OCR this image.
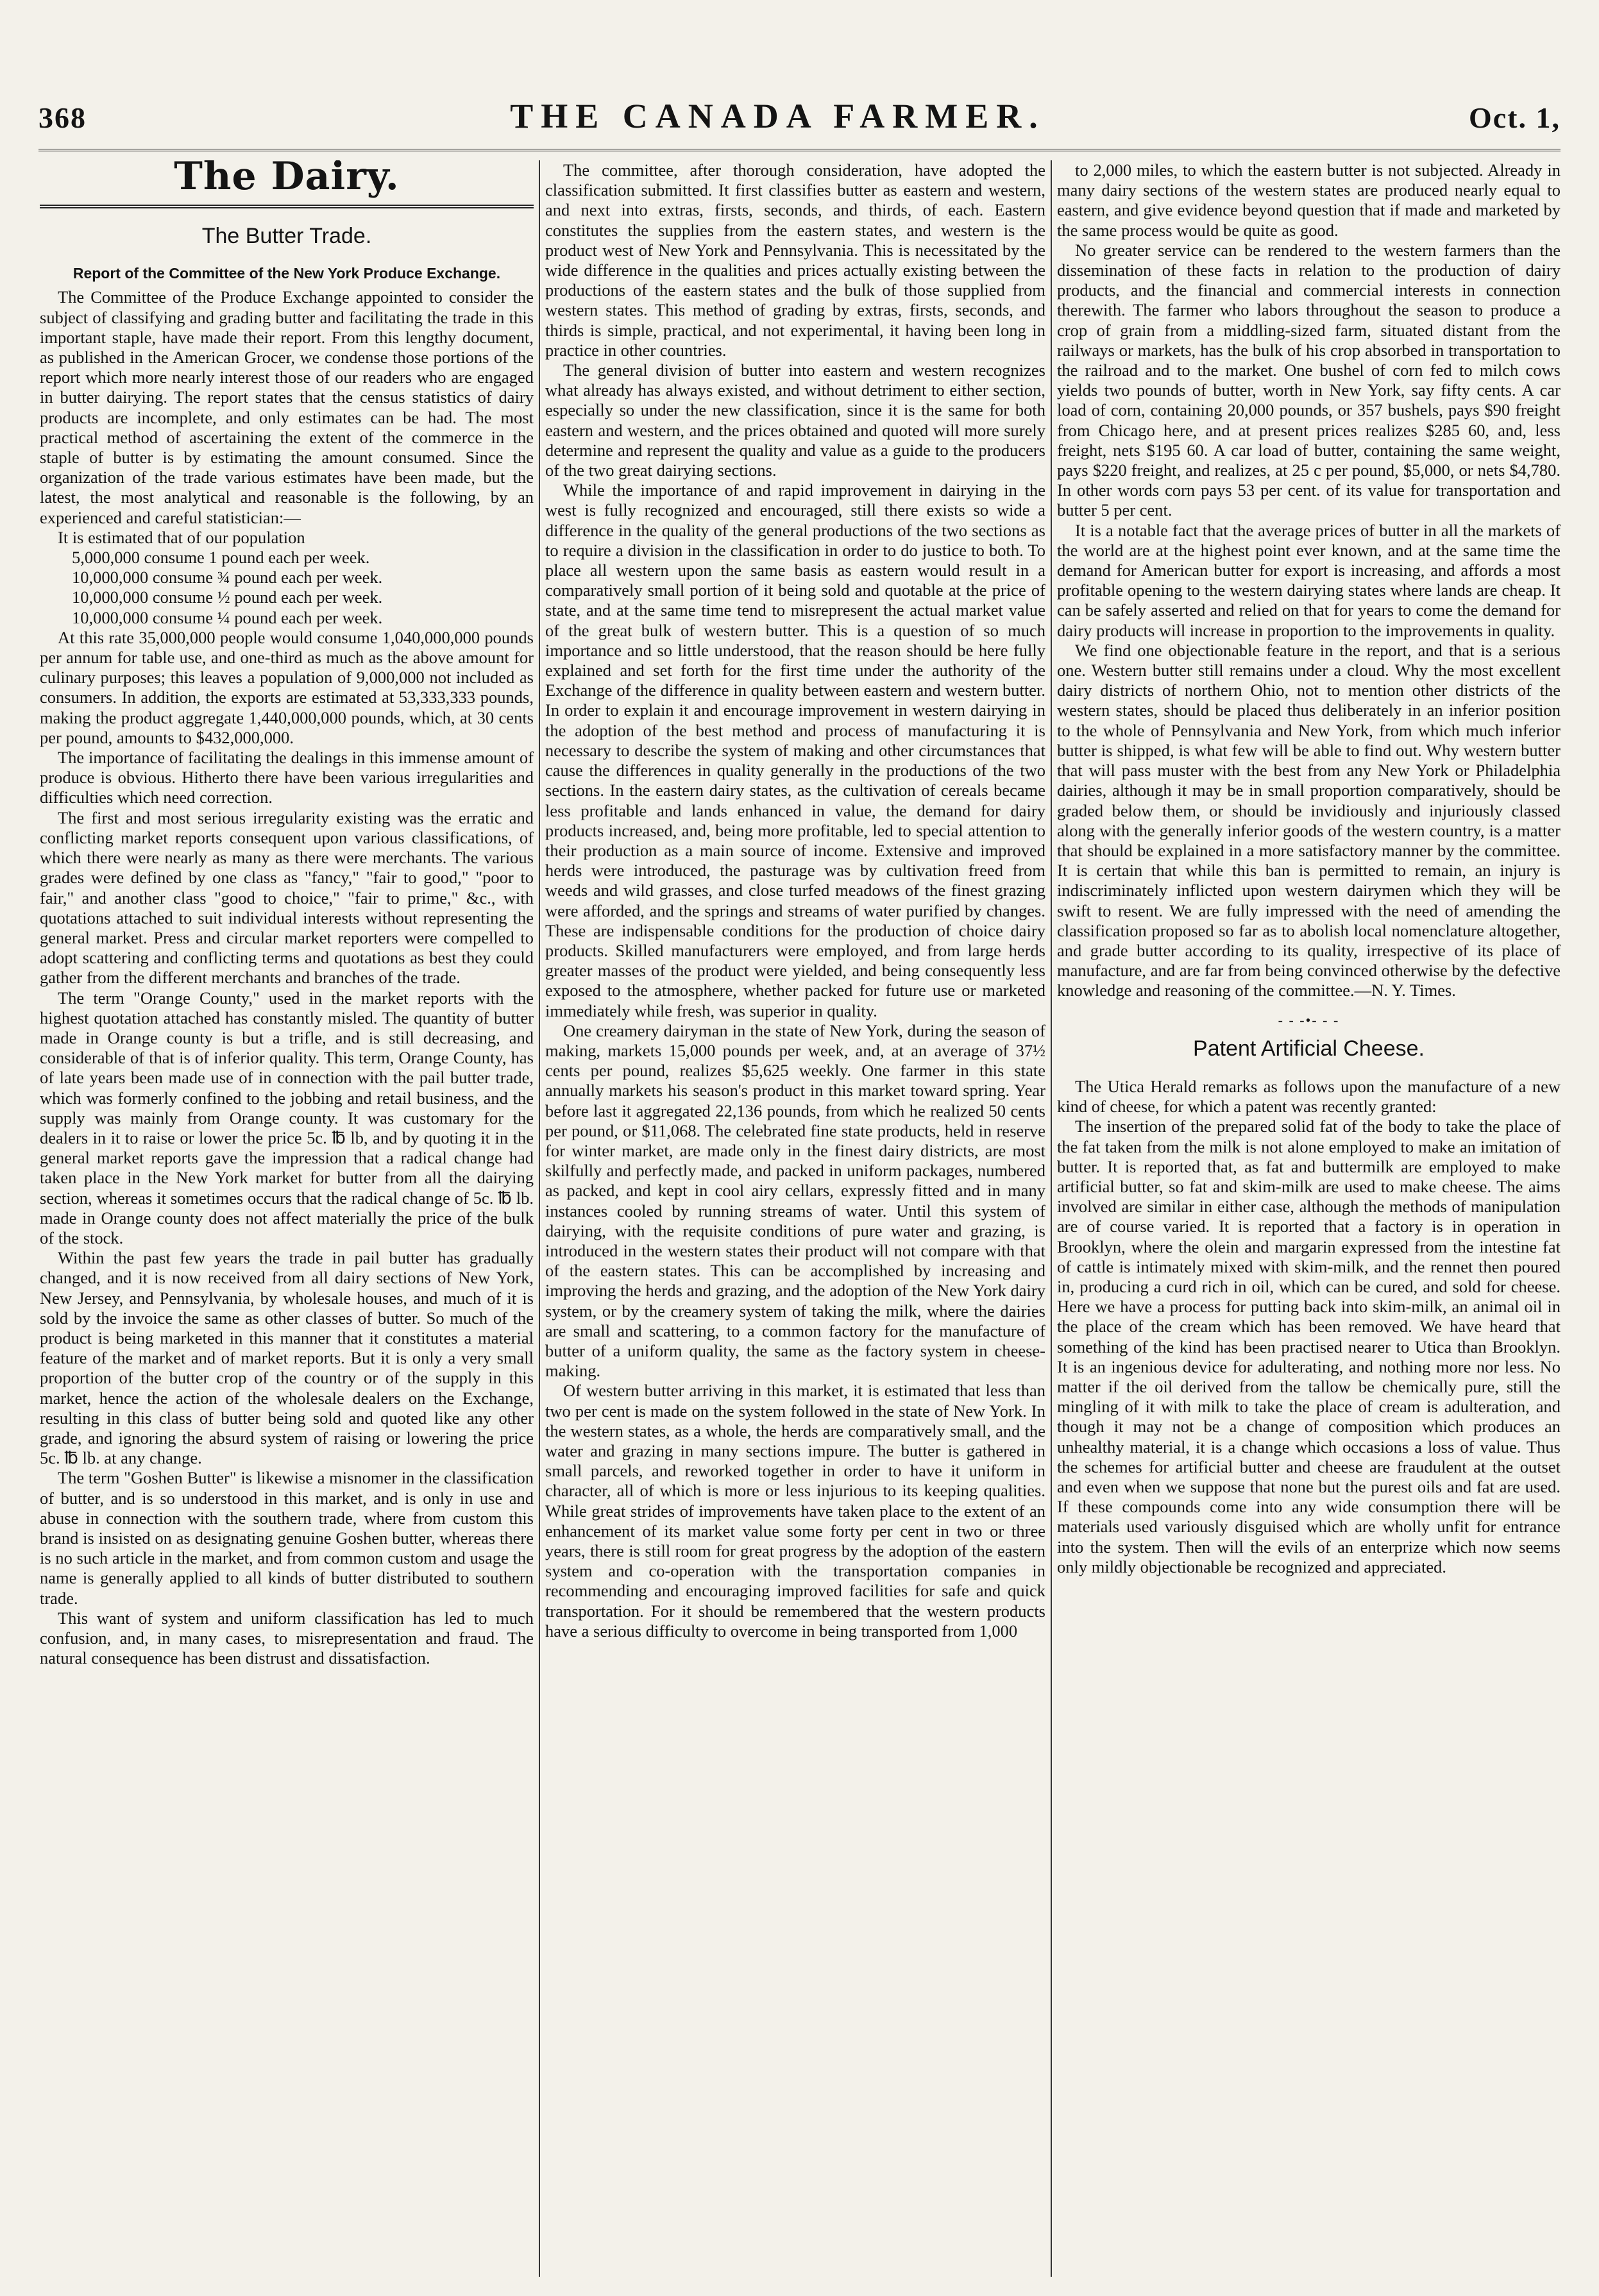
368	THE CANADA FARMER.	Oct. 1,
The Dairy.
The Butter Trade.
Report of the Committee of the New York Produce Exchange.

The Committee of the Produce Exchange appointed to consider the subject of classifying and grading butter and facilitating the trade in this important staple, have made their report. From this lengthy document, as published in the American Grocer, we condense those portions of the report which more nearly interest those of our readers who are engaged in butter dairying. The report states that the census statistics of dairy products are incomplete, and only estimates can be had. The most practical method of ascertaining the extent of the commerce in the staple of butter is by estimating the amount consumed. Since the organization of the trade various estimates have been made, but the latest, the most analytical and reasonable is the following, by an experienced and careful statistician:—

It is estimated that of our population

5,000,000 consume 1 pound each per week.
10,000,000 consume ¾ pound each per week.
10,000,000 consume ½ pound each per week.
10,000,000 consume ¼ pound each per week.

At this rate 35,000,000 people would consume 1,040,000,000 pounds per annum for table use, and one-third as much as the above amount for culinary purposes; this leaves a population of 9,000,000 not included as consumers. In addition, the exports are estimated at 53,333,333 pounds, making the product aggregate 1,440,000,000 pounds, which, at 30 cents per pound, amounts to $432,000,000.

The importance of facilitating the dealings in this immense amount of produce is obvious. Hitherto there have been various irregularities and difficulties which need correction.

The first and most serious irregularity existing was the erratic and conflicting market reports consequent upon various classifications, of which there were nearly as many as there were merchants. The various grades were defined by one class as "fancy," "fair to good," "poor to fair," and another class "good to choice," "fair to prime," &c., with quotations attached to suit individual interests without representing the general market. Press and circular market reporters were compelled to adopt scattering and conflicting terms and quotations as best they could gather from the different merchants and branches of the trade.

The term "Orange County," used in the market reports with the highest quotation attached has constantly misled. The quantity of butter made in Orange county is but a trifle, and is still decreasing, and considerable of that is of inferior quality. This term, Orange County, has of late years been made use of in connection with the pail butter trade, which was formerly confined to the jobbing and retail business, and the supply was mainly from Orange county. It was customary for the dealers in it to raise or lower the price 5c. ℔ lb, and by quoting it in the general market reports gave the impression that a radical change had taken place in the New York market for butter from all the dairying section, whereas it sometimes occurs that the radical change of 5c. ℔ lb. made in Orange county does not affect materially the price of the bulk of the stock.

Within the past few years the trade in pail butter has gradually changed, and it is now received from all dairy sections of New York, New Jersey, and Pennsylvania, by wholesale houses, and much of it is sold by the invoice the same as other classes of butter. So much of the product is being marketed in this manner that it constitutes a material feature of the market and of market reports. But it is only a very small proportion of the butter crop of the country or of the supply in this market, hence the action of the wholesale dealers on the Exchange, resulting in this class of butter being sold and quoted like any other grade, and ignoring the absurd system of raising or lowering the price 5c. ℔ lb. at any change.

The term "Goshen Butter" is likewise a misnomer in the classification of butter, and is so understood in this market, and is only in use and abuse in connection with the southern trade, where from custom this brand is insisted on as designating genuine Goshen butter, whereas there is no such article in the market, and from common custom and usage the name is generally applied to all kinds of butter distributed to southern trade.

This want of system and uniform classification has led to much confusion, and, in many cases, to misrepresentation and fraud. The natural consequence has been distrust and dissatisfaction.

The committee, after thorough consideration, have adopted the classification submitted. It first classifies butter as eastern and western, and next into extras, firsts, seconds, and thirds, of each. Eastern constitutes the supplies from the eastern states, and western is the product west of New York and Pennsylvania. This is necessitated by the wide difference in the qualities and prices actually existing between the productions of the eastern states and the bulk of those supplied from western states. This method of grading by extras, firsts, seconds, and thirds is simple, practical, and not experimental, it having been long in practice in other countries.

The general division of butter into eastern and western recognizes what already has always existed, and without detriment to either section, especially so under the new classification, since it is the same for both eastern and western, and the prices obtained and quoted will more surely determine and represent the quality and value as a guide to the producers of the two great dairying sections.

While the importance of and rapid improvement in dairying in the west is fully recognized and encouraged, still there exists so wide a difference in the quality of the general productions of the two sections as to require a division in the classification in order to do justice to both. To place all western upon the same basis as eastern would result in a comparatively small portion of it being sold and quotable at the price of state, and at the same time tend to misrepresent the actual market value of the great bulk of western butter. This is a question of so much importance and so little understood, that the reason should be here fully explained and set forth for the first time under the authority of the Exchange of the difference in quality between eastern and western butter. In order to explain it and encourage improvement in western dairying in the adoption of the best method and process of manufacturing it is necessary to describe the system of making and other circumstances that cause the differences in quality generally in the productions of the two sections. In the eastern dairy states, as the cultivation of cereals became less profitable and lands enhanced in value, the demand for dairy products increased, and, being more profitable, led to special attention to their production as a main source of income. Extensive and improved herds were introduced, the pasturage was by cultivation freed from weeds and wild grasses, and close turfed meadows of the finest grazing were afforded, and the springs and streams of water purified by changes. These are indispensable conditions for the production of choice dairy products. Skilled manufacturers were employed, and from large herds greater masses of the product were yielded, and being consequently less exposed to the atmosphere, whether packed for future use or marketed immediately while fresh, was superior in quality.

One creamery dairyman in the state of New York, during the season of making, markets 15,000 pounds per week, and, at an average of 37½ cents per pound, realizes $5,625 weekly. One farmer in this state annually markets his season's product in this market toward spring. Year before last it aggregated 22,136 pounds, from which he realized 50 cents per pound, or $11,068. The celebrated fine state products, held in reserve for winter market, are made only in the finest dairy districts, are most skilfully and perfectly made, and packed in uniform packages, numbered as packed, and kept in cool airy cellars, expressly fitted and in many instances cooled by running streams of water. Until this system of dairying, with the requisite conditions of pure water and grazing, is introduced in the western states their product will not compare with that of the eastern states. This can be accomplished by increasing and improving the herds and grazing, and the adoption of the New York dairy system, or by the creamery system of taking the milk, where the dairies are small and scattering, to a common factory for the manufacture of butter of a uniform quality, the same as the factory system in cheese-making.

Of western butter arriving in this market, it is estimated that less than two per cent is made on the system followed in the state of New York. In the western states, as a whole, the herds are comparatively small, and the water and grazing in many sections impure. The butter is gathered in small parcels, and reworked together in order to have it uniform in character, all of which is more or less injurious to its keeping qualities. While great strides of improvements have taken place to the extent of an enhancement of its market value some forty per cent in two or three years, there is still room for great progress by the adoption of the eastern system and co-operation with the transportation companies in recommending and encouraging improved facilities for safe and quick transportation. For it should be remembered that the western products have a serious difficulty to overcome in being transported from 1,000

to 2,000 miles, to which the eastern butter is not subjected. Already in many dairy sections of the western states are produced nearly equal to eastern, and give evidence beyond question that if made and marketed by the same process would be quite as good.

No greater service can be rendered to the western farmers than the dissemination of these facts in relation to the production of dairy products, and the financial and commercial interests in connection therewith. The farmer who labors throughout the season to produce a crop of grain from a middling-sized farm, situated distant from the railways or markets, has the bulk of his crop absorbed in transportation to the railroad and to the market. One bushel of corn fed to milch cows yields two pounds of butter, worth in New York, say fifty cents. A car load of corn, containing 20,000 pounds, or 357 bushels, pays $90 freight from Chicago here, and at present prices realizes $285 60, and, less freight, nets $195 60. A car load of butter, containing the same weight, pays $220 freight, and realizes, at 25 c per pound, $5,000, or nets $4,780. In other words corn pays 53 per cent. of its value for transportation and butter 5 per cent.

It is a notable fact that the average prices of butter in all the markets of the world are at the highest point ever known, and at the same time the demand for American butter for export is increasing, and affords a most profitable opening to the western dairying states where lands are cheap. It can be safely asserted and relied on that for years to come the demand for dairy products will increase in proportion to the improvements in quality.

We find one objectionable feature in the report, and that is a serious one. Western butter still remains under a cloud. Why the most excellent dairy districts of northern Ohio, not to mention other districts of the western states, should be placed thus deliberately in an inferior position to the whole of Pennsylvania and New York, from which much inferior butter is shipped, is what few will be able to find out. Why western butter that will pass muster with the best from any New York or Philadelphia dairies, although it may be in small proportion comparatively, should be graded below them, or should be invidiously and injuriously classed along with the generally inferior goods of the western country, is a matter that should be explained in a more satisfactory manner by the committee. It is certain that while this ban is permitted to remain, an injury is indiscriminately inflicted upon western dairymen which they will be swift to resent. We are fully impressed with the need of amending the classification proposed so far as to abolish local nomenclature altogether, and grade butter according to its quality, irrespective of its place of manufacture, and are far from being convinced otherwise by the defective knowledge and reasoning of the committee.—N. Y. Times.

- - -•- - -
Patent Artificial Cheese.

The Utica Herald remarks as follows upon the manufacture of a new kind of cheese, for which a patent was recently granted:

The insertion of the prepared solid fat of the body to take the place of the fat taken from the milk is not alone employed to make an imitation of butter. It is reported that, as fat and buttermilk are employed to make artificial butter, so fat and skim-milk are used to make cheese. The aims involved are similar in either case, although the methods of manipulation are of course varied. It is reported that a factory is in operation in Brooklyn, where the olein and margarin expressed from the intestine fat of cattle is intimately mixed with skim-milk, and the rennet then poured in, producing a curd rich in oil, which can be cured, and sold for cheese. Here we have a process for putting back into skim-milk, an animal oil in the place of the cream which has been removed. We have heard that something of the kind has been practised nearer to Utica than Brooklyn. It is an ingenious device for adulterating, and nothing more nor less. No matter if the oil derived from the tallow be chemically pure, still the mingling of it with milk to take the place of cream is adulteration, and though it may not be a change of composition which produces an unhealthy material, it is a change which occasions a loss of value. Thus the schemes for artificial butter and cheese are fraudulent at the outset and even when we suppose that none but the purest oils and fat are used. If these compounds come into any wide consumption there will be materials used variously disguised which are wholly unfit for entrance into the system. Then will the evils of an enterprize which now seems only mildly objectionable be recognized and appreciated.
